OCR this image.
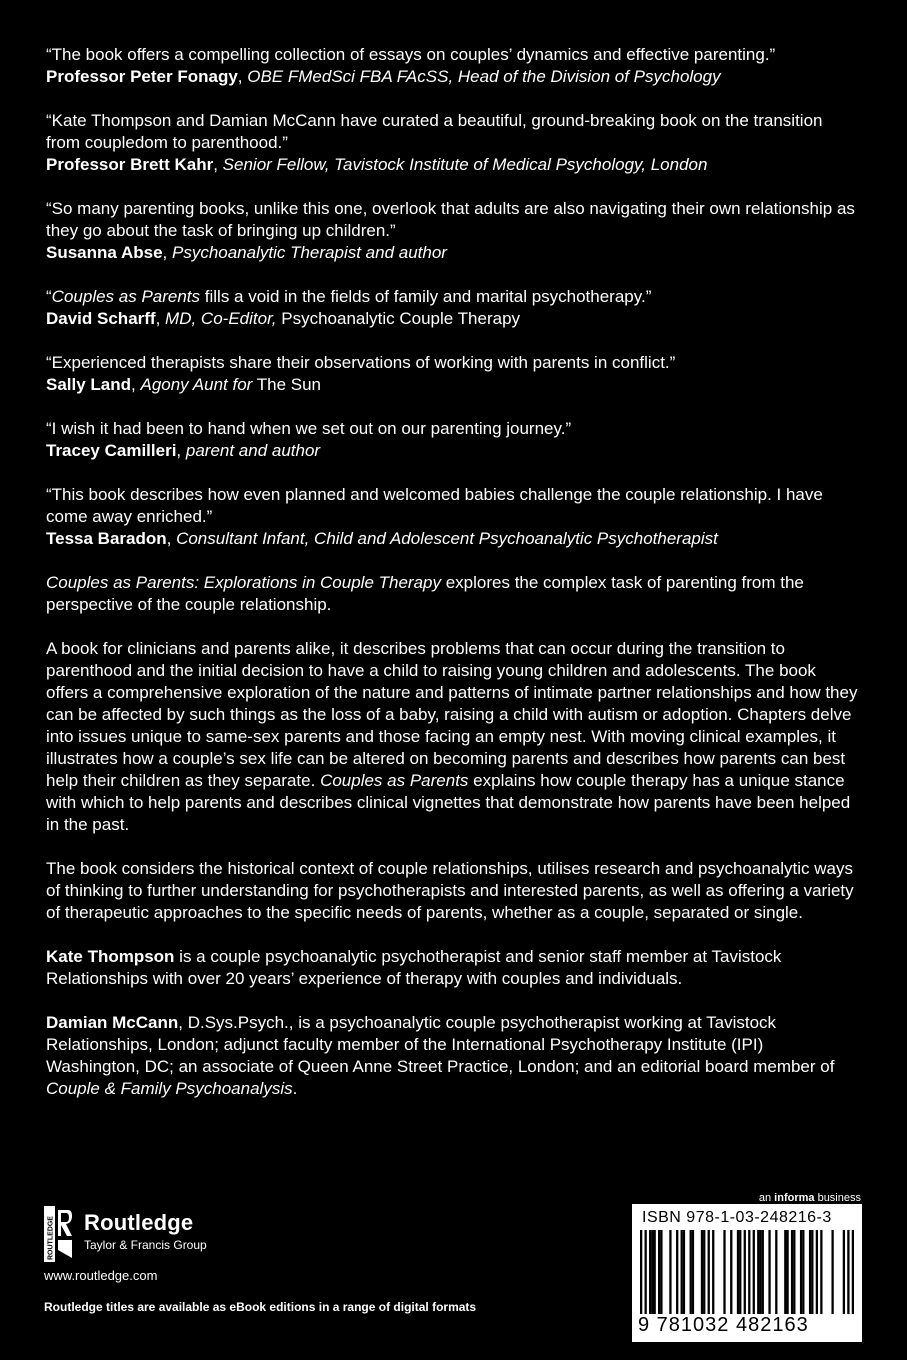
“The book offers a compelling collection of essays on couples’ dynamics and effective parenting.”

Professor Peter Fonagy, OBE FMedSci FBA FAcSS, Head of the Division of Psychology

“Kate Thompson and Damian McCann have curated a beautiful, ground-breaking book on the transition from coupledom to parenthood.”

Professor Brett Kahr, Senior Fellow, Tavistock Institute of Medical Psychology, London

“So many parenting books, unlike this one, overlook that adults are also navigating their own relationship as they go about the task of bringing up children.”

Susanna Abse, Psychoanalytic Therapist and author

“Couples as Parents fills a void in the fields of family and marital psychotherapy.”

David Scharff, MD, Co-Editor, Psychoanalytic Couple Therapy

“Experienced therapists share their observations of working with parents in conflict.”

Sally Land, Agony Aunt for The Sun

“I wish it had been to hand when we set out on our parenting journey.”

Tracey Camilleri, parent and author

“This book describes how even planned and welcomed babies challenge the couple relationship. I have come away enriched.”

Tessa Baradon, Consultant Infant, Child and Adolescent Psychoanalytic Psychotherapist

Couples as Parents: Explorations in Couple Therapy explores the complex task of parenting from the perspective of the couple relationship.

A book for clinicians and parents alike, it describes problems that can occur during the transition to parenthood and the initial decision to have a child to raising young children and adolescents. The book offers a comprehensive exploration of the nature and patterns of intimate partner relationships and how they can be affected by such things as the loss of a baby, raising a child with autism or adoption. Chapters delve into issues unique to same-sex parents and those facing an empty nest. With moving clinical examples, it illustrates how a couple’s sex life can be altered on becoming parents and describes how parents can best help their children as they separate. Couples as Parents explains how couple therapy has a unique stance with which to help parents and describes clinical vignettes that demonstrate how parents have been helped in the past.

The book considers the historical context of couple relationships, utilises research and psychoanalytic ways of thinking to further understanding for psychotherapists and interested parents, as well as offering a variety of therapeutic approaches to the specific needs of parents, whether as a couple, separated or single.

Kate Thompson is a couple psychoanalytic psychotherapist and senior staff member at Tavistock Relationships with over 20 years’ experience of therapy with couples and individuals.

Damian McCann, D.Sys.Psych., is a psychoanalytic couple psychotherapist working at Tavistock Relationships, London; adjunct faculty member of the International Psychotherapy Institute (IPI) Washington, DC; an associate of Queen Anne Street Practice, London; and an editorial board member of Couple & Family Psychoanalysis.

ROUTLEDGE Routledge
Taylor & Francis Group
www.routledge.com
Routledge titles are available as eBook editions in a range of digital formats
an informa business
ISBN 978-1-03-248216-3
9 781032 482163
